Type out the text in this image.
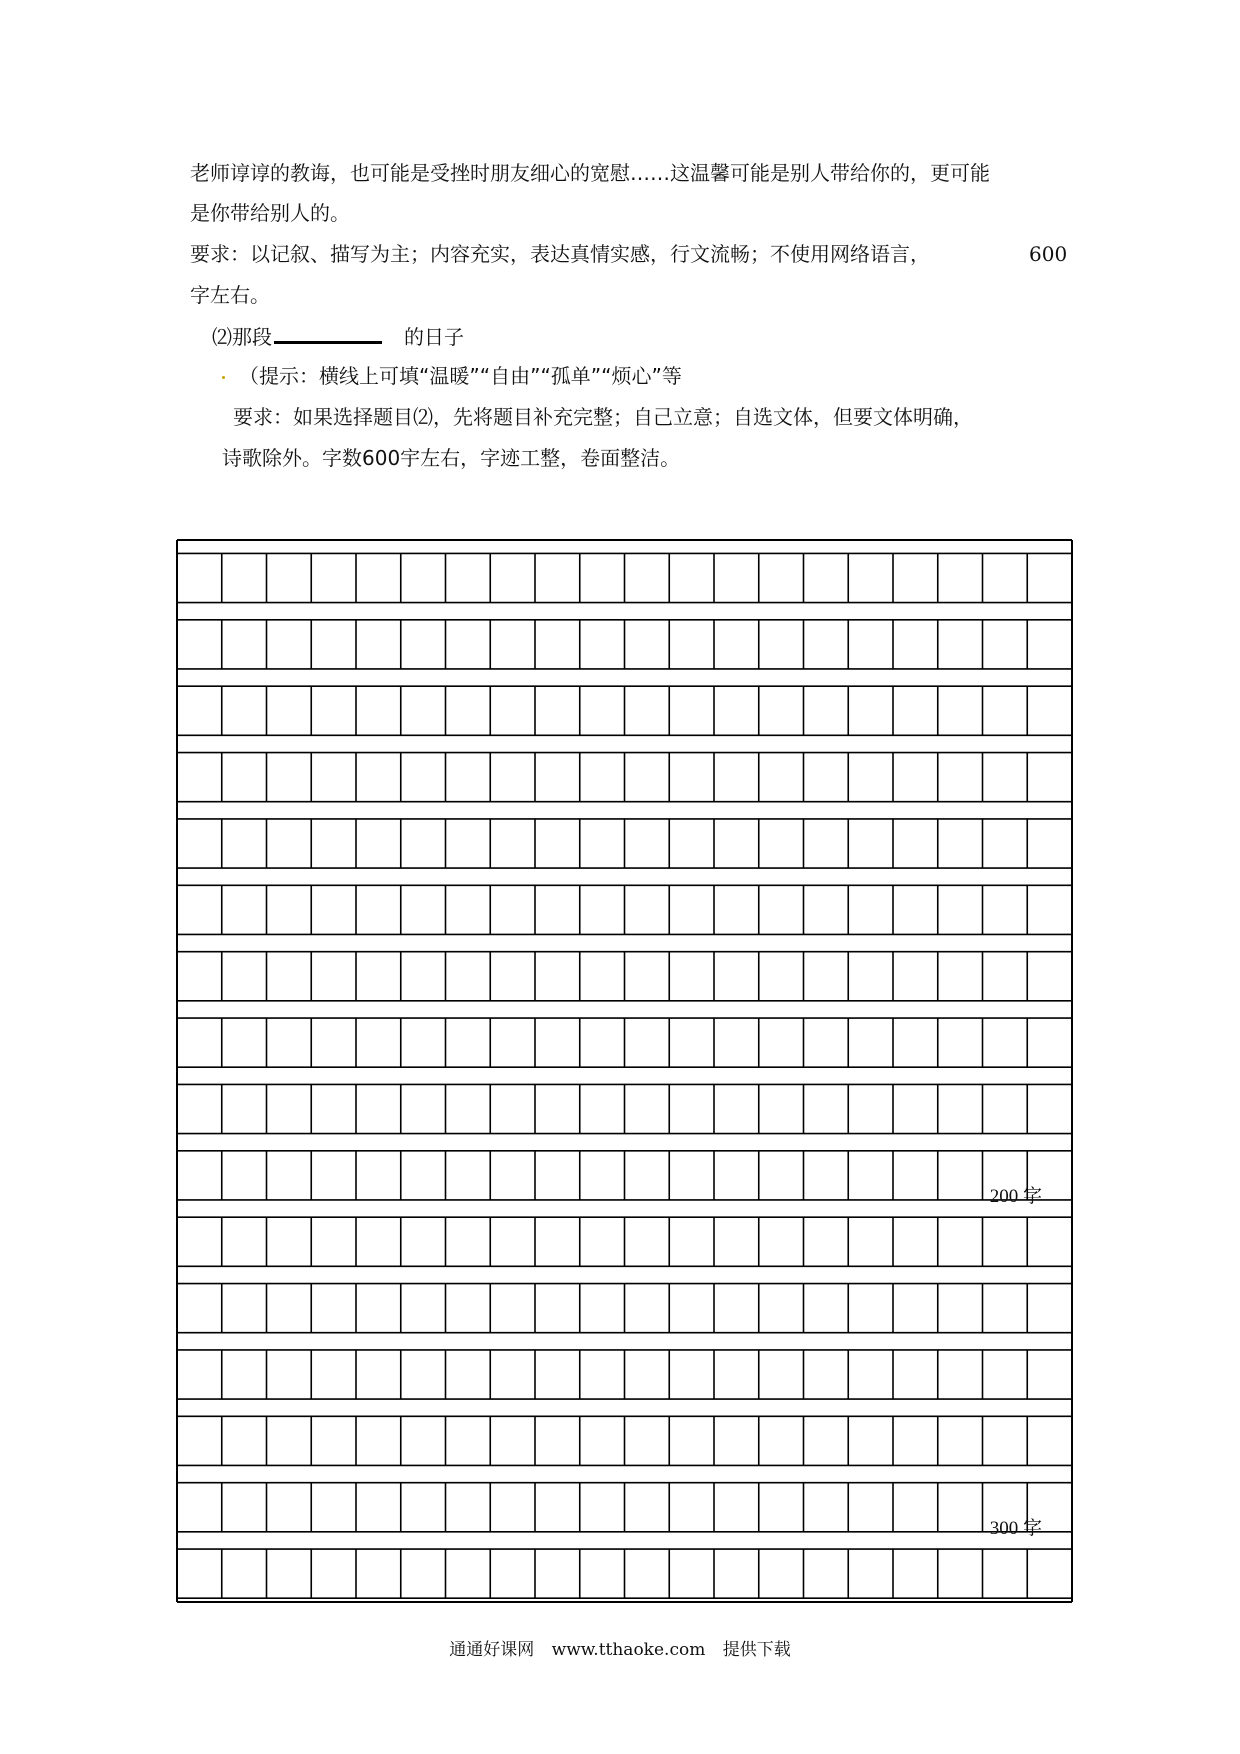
老师谆谆的教诲，也可能是受挫时朋友细心的宽慰……这温馨可能是别人带给你的，更可能
是你带给别人的。
要求：以记叙、描写为主；内容充实，表达真情实感，行文流畅；不使用网络语言，	600
字左右。
⑵那段	的日子
（提示：横线上可填“温暖”“自由”“孤单”“烦心”等
要求：如果选择题目⑵，先将题目补充完整；自己立意；自选文体，但要文体明确，
诗歌除外。字数600宇左右，字迹工整，卷面整洁。
200 字
300 字
通通好课网 www.tthaoke.com 提供下载
